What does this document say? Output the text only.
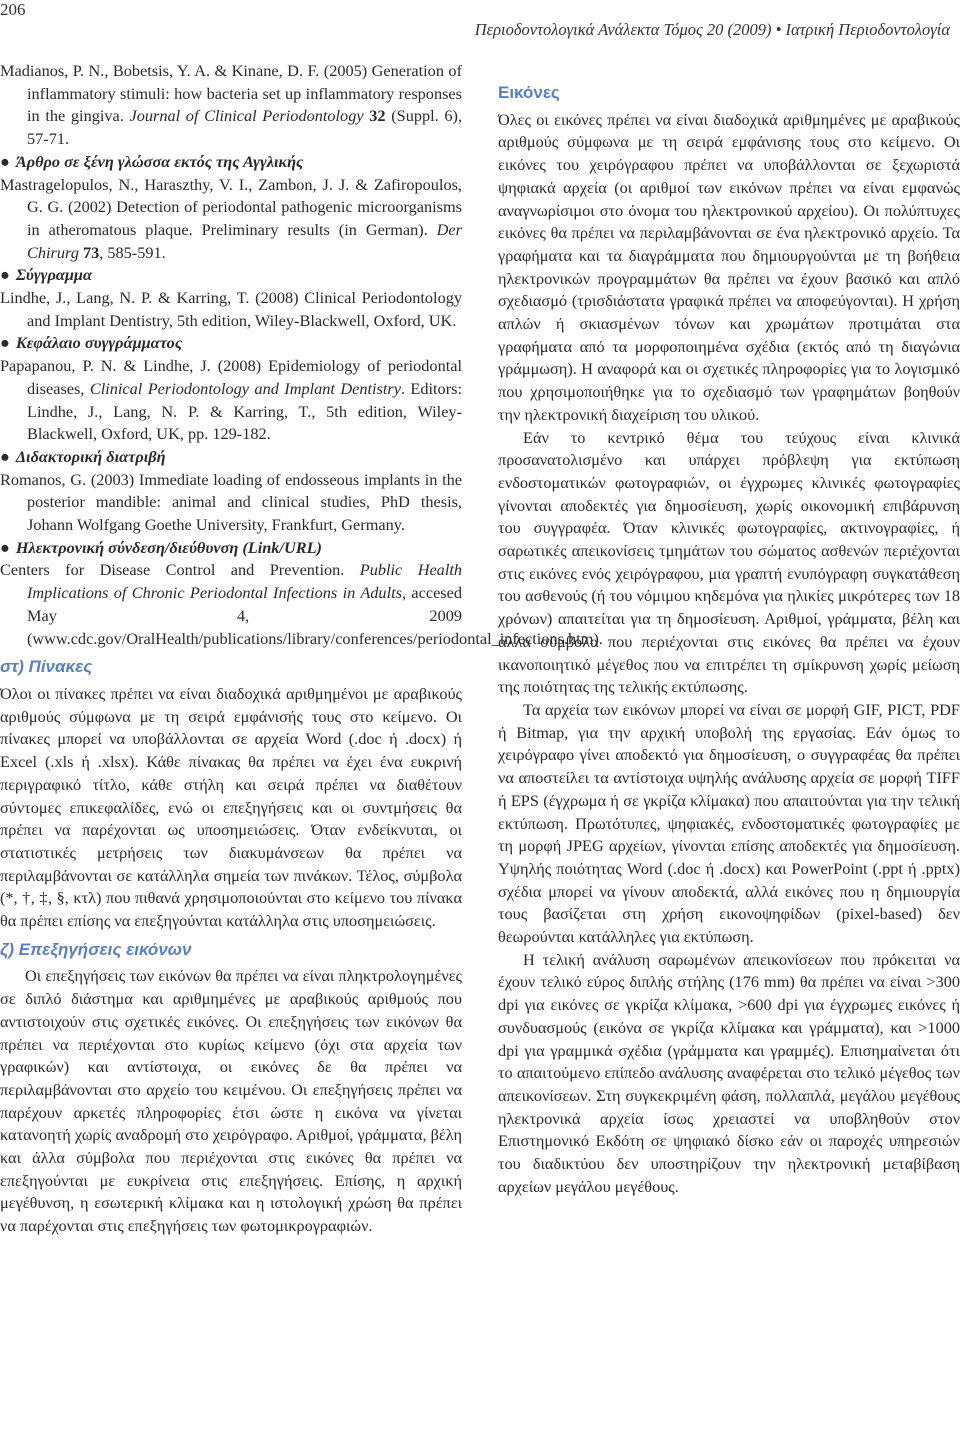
206
Περιοδοντολογικά Ανάλεκτα Τόμος 20 (2009) • Ιατρική Περιοδοντολογία

Madianos, P. N., Bobetsis, Y. A. & Kinane, D. F. (2005) Generation of inflammatory stimuli: how bacteria set up inflammatory responses in the gingiva. Journal of Clinical Periodontology 32 (Suppl. 6), 57-71.

● Άρθρο σε ξένη γλώσσα εκτός της Αγγλικής

Mastragelopulos, N., Haraszthy, V. I., Zambon, J. J. & Zafiropoulos, G. G. (2002) Detection of periodontal pathogenic microorganisms in atheromatous plaque. Preliminary results (in German). Der Chirurg 73, 585-591.

● Σύγγραμμα

Lindhe, J., Lang, N. P. & Karring, T. (2008) Clinical Periodontology and Implant Dentistry, 5th edition, Wiley-Blackwell, Oxford, UK.

● Κεφάλαιο συγγράμματος

Papapanou, P. N. & Lindhe, J. (2008) Epidemiology of periodontal diseases, Clinical Periodontology and Implant Dentistry. Editors: Lindhe, J., Lang, N. P. & Karring, T., 5th edition, Wiley-Blackwell, Oxford, UK, pp. 129-182.

● Διδακτορική διατριβή

Romanos, G. (2003) Immediate loading of endosseous implants in the posterior mandible: animal and clinical studies, PhD thesis, Johann Wolfgang Goethe University, Frankfurt, Germany.

● Ηλεκτρονική σύνδεση/διεύθυνση (Link/URL)

Centers for Disease Control and Prevention. Public Health Implications of Chronic Periodontal Infections in Adults, accesed May 4, 2009 (www.cdc.gov/OralHealth/publications/library/conferences/periodontal_infections.htm).

στ) Πίνακες

Όλοι οι πίνακες πρέπει να είναι διαδοχικά αριθμημένοι με αραβικούς αριθμούς σύμφωνα με τη σειρά εμφάνισής τους στο κείμενο. Οι πίνακες μπορεί να υποβάλλονται σε αρχεία Word (.doc ή .docx) ή Excel (.xls ή .xlsx). Κάθε πίνακας θα πρέπει να έχει ένα ευκρινή περιγραφικό τίτλο, κάθε στήλη και σειρά πρέπει να διαθέτουν σύντομες επικεφαλίδες, ενώ οι επεξηγήσεις και οι συντμήσεις θα πρέπει να παρέχονται ως υποσημειώσεις. Όταν ενδείκνυται, οι στατιστικές μετρήσεις των διακυμάνσεων θα πρέπει να περιλαμβάνονται σε κατάλληλα σημεία των πινάκων. Τέλος, σύμβολα (*, †, ‡, §, κτλ) που πιθανά χρησιμοποιούνται στο κείμενο του πίνακα θα πρέπει επίσης να επεξηγούνται κατάλληλα στις υποσημειώσεις.

ζ) Επεξηγήσεις εικόνων

Οι επεξηγήσεις των εικόνων θα πρέπει να είναι πληκτρολογημένες σε διπλό διάστημα και αριθμημένες με αραβικούς αριθμούς που αντιστοιχούν στις σχετικές εικόνες. Οι επεξηγήσεις των εικόνων θα πρέπει να περιέχονται στο κυρίως κείμενο (όχι στα αρχεία των γραφικών) και αντίστοιχα, οι εικόνες δε θα πρέπει να περιλαμβάνονται στο αρχείο του κειμένου. Οι επεξηγήσεις πρέπει να παρέχουν αρκετές πληροφορίες έτσι ώστε η εικόνα να γίνεται κατανοητή χωρίς αναδρομή στο χειρόγραφο. Αριθμοί, γράμματα, βέλη και άλλα σύμβολα που περιέχονται στις εικόνες θα πρέπει να επεξηγούνται με ευκρίνεια στις επεξηγήσεις. Επίσης, η αρχική μεγέθυνση, η εσωτερική κλίμακα και η ιστολογική χρώση θα πρέπει να παρέχονται στις επεξηγήσεις των φωτομικρογραφιών.

Εικόνες

Όλες οι εικόνες πρέπει να είναι διαδοχικά αριθμημένες με αραβικούς αριθμούς σύμφωνα με τη σειρά εμφάνισης τους στο κείμενο. Οι εικόνες του χειρόγραφου πρέπει να υποβάλλονται σε ξεχωριστά ψηφιακά αρχεία (οι αριθμοί των εικόνων πρέπει να είναι εμφανώς αναγνωρίσιμοι στο όνομα του ηλεκτρονικού αρχείου). Οι πολύπτυχες εικόνες θα πρέπει να περιλαμβάνονται σε ένα ηλεκτρονικό αρχείο. Τα γραφήματα και τα διαγράμματα που δημιουργούνται με τη βοήθεια ηλεκτρονικών προγραμμάτων θα πρέπει να έχουν βασικό και απλό σχεδιασμό (τρισδιάστατα γραφικά πρέπει να αποφεύγονται). Η χρήση απλών ή σκιασμένων τόνων και χρωμάτων προτιμάται στα γραφήματα από τα μορφοποιημένα σχέδια (εκτός από τη διαγώνια γράμμωση). Η αναφορά και οι σχετικές πληροφορίες για το λογισμικό που χρησιμοποιήθηκε για το σχεδιασμό των γραφημάτων βοηθούν την ηλεκτρονική διαχείριση του υλικού.

Εάν το κεντρικό θέμα του τεύχους είναι κλινικά προσανατολισμένο και υπάρχει πρόβλεψη για εκτύπωση ενδοστοματικών φωτογραφιών, οι έγχρωμες κλινικές φωτογραφίες γίνονται αποδεκτές για δημοσίευση, χωρίς οικονομική επιβάρυνση του συγγραφέα. Όταν κλινικές φωτογραφίες, ακτινογραφίες, ή σαρωτικές απεικονίσεις τμημάτων του σώματος ασθενών περιέχονται στις εικόνες ενός χειρόγραφου, μια γραπτή ενυπόγραφη συγκατάθεση του ασθενούς (ή του νόμιμου κηδεμόνα για ηλικίες μικρότερες των 18 χρόνων) απαιτείται για τη δημοσίευση. Αριθμοί, γράμματα, βέλη και άλλα σύμβολα που περιέχονται στις εικόνες θα πρέπει να έχουν ικανοποιητικό μέγεθος που να επιτρέπει τη σμίκρυνση χωρίς μείωση της ποιότητας της τελικής εκτύπωσης.

Τα αρχεία των εικόνων μπορεί να είναι σε μορφή GIF, PICT, PDF ή Bitmap, για την αρχική υποβολή της εργασίας. Εάν όμως το χειρόγραφο γίνει αποδεκτό για δημοσίευση, ο συγγραφέας θα πρέπει να αποστείλει τα αντίστοιχα υψηλής ανάλυσης αρχεία σε μορφή TIFF ή EPS (έγχρωμα ή σε γκρίζα κλίμακα) που απαιτούνται για την τελική εκτύπωση. Πρωτότυπες, ψηφιακές, ενδοστοματικές φωτογραφίες με τη μορφή JPEG αρχείων, γίνονται επίσης αποδεκτές για δημοσίευση. Υψηλής ποιότητας Word (.doc ή .docx) και PowerPoint (.ppt ή .pptx) σχέδια μπορεί να γίνουν αποδεκτά, αλλά εικόνες που η δημιουργία τους βασίζεται στη χρήση εικονοψηφίδων (pixel-based) δεν θεωρούνται κατάλληλες για εκτύπωση.

Η τελική ανάλυση σαρωμένων απεικονίσεων που πρόκειται να έχουν τελικό εύρος διπλής στήλης (176 mm) θα πρέπει να είναι >300 dpi για εικόνες σε γκρίζα κλίμακα, >600 dpi για έγχρωμες εικόνες ή συνδυασμούς (εικόνα σε γκρίζα κλίμακα και γράμματα), και >1000 dpi για γραμμικά σχέδια (γράμματα και γραμμές). Επισημαίνεται ότι το απαιτούμενο επίπεδο ανάλυσης αναφέρεται στο τελικό μέγεθος των απεικονίσεων. Στη συγκεκριμένη φάση, πολλαπλά, μεγάλου μεγέθους ηλεκτρονικά αρχεία ίσως χρειαστεί να υποβληθούν στον Επιστημονικό Εκδότη σε ψηφιακό δίσκο εάν οι παροχές υπηρεσιών του διαδικτύου δεν υποστηρίζουν την ηλεκτρονική μεταβίβαση αρχείων μεγάλου μεγέθους.
